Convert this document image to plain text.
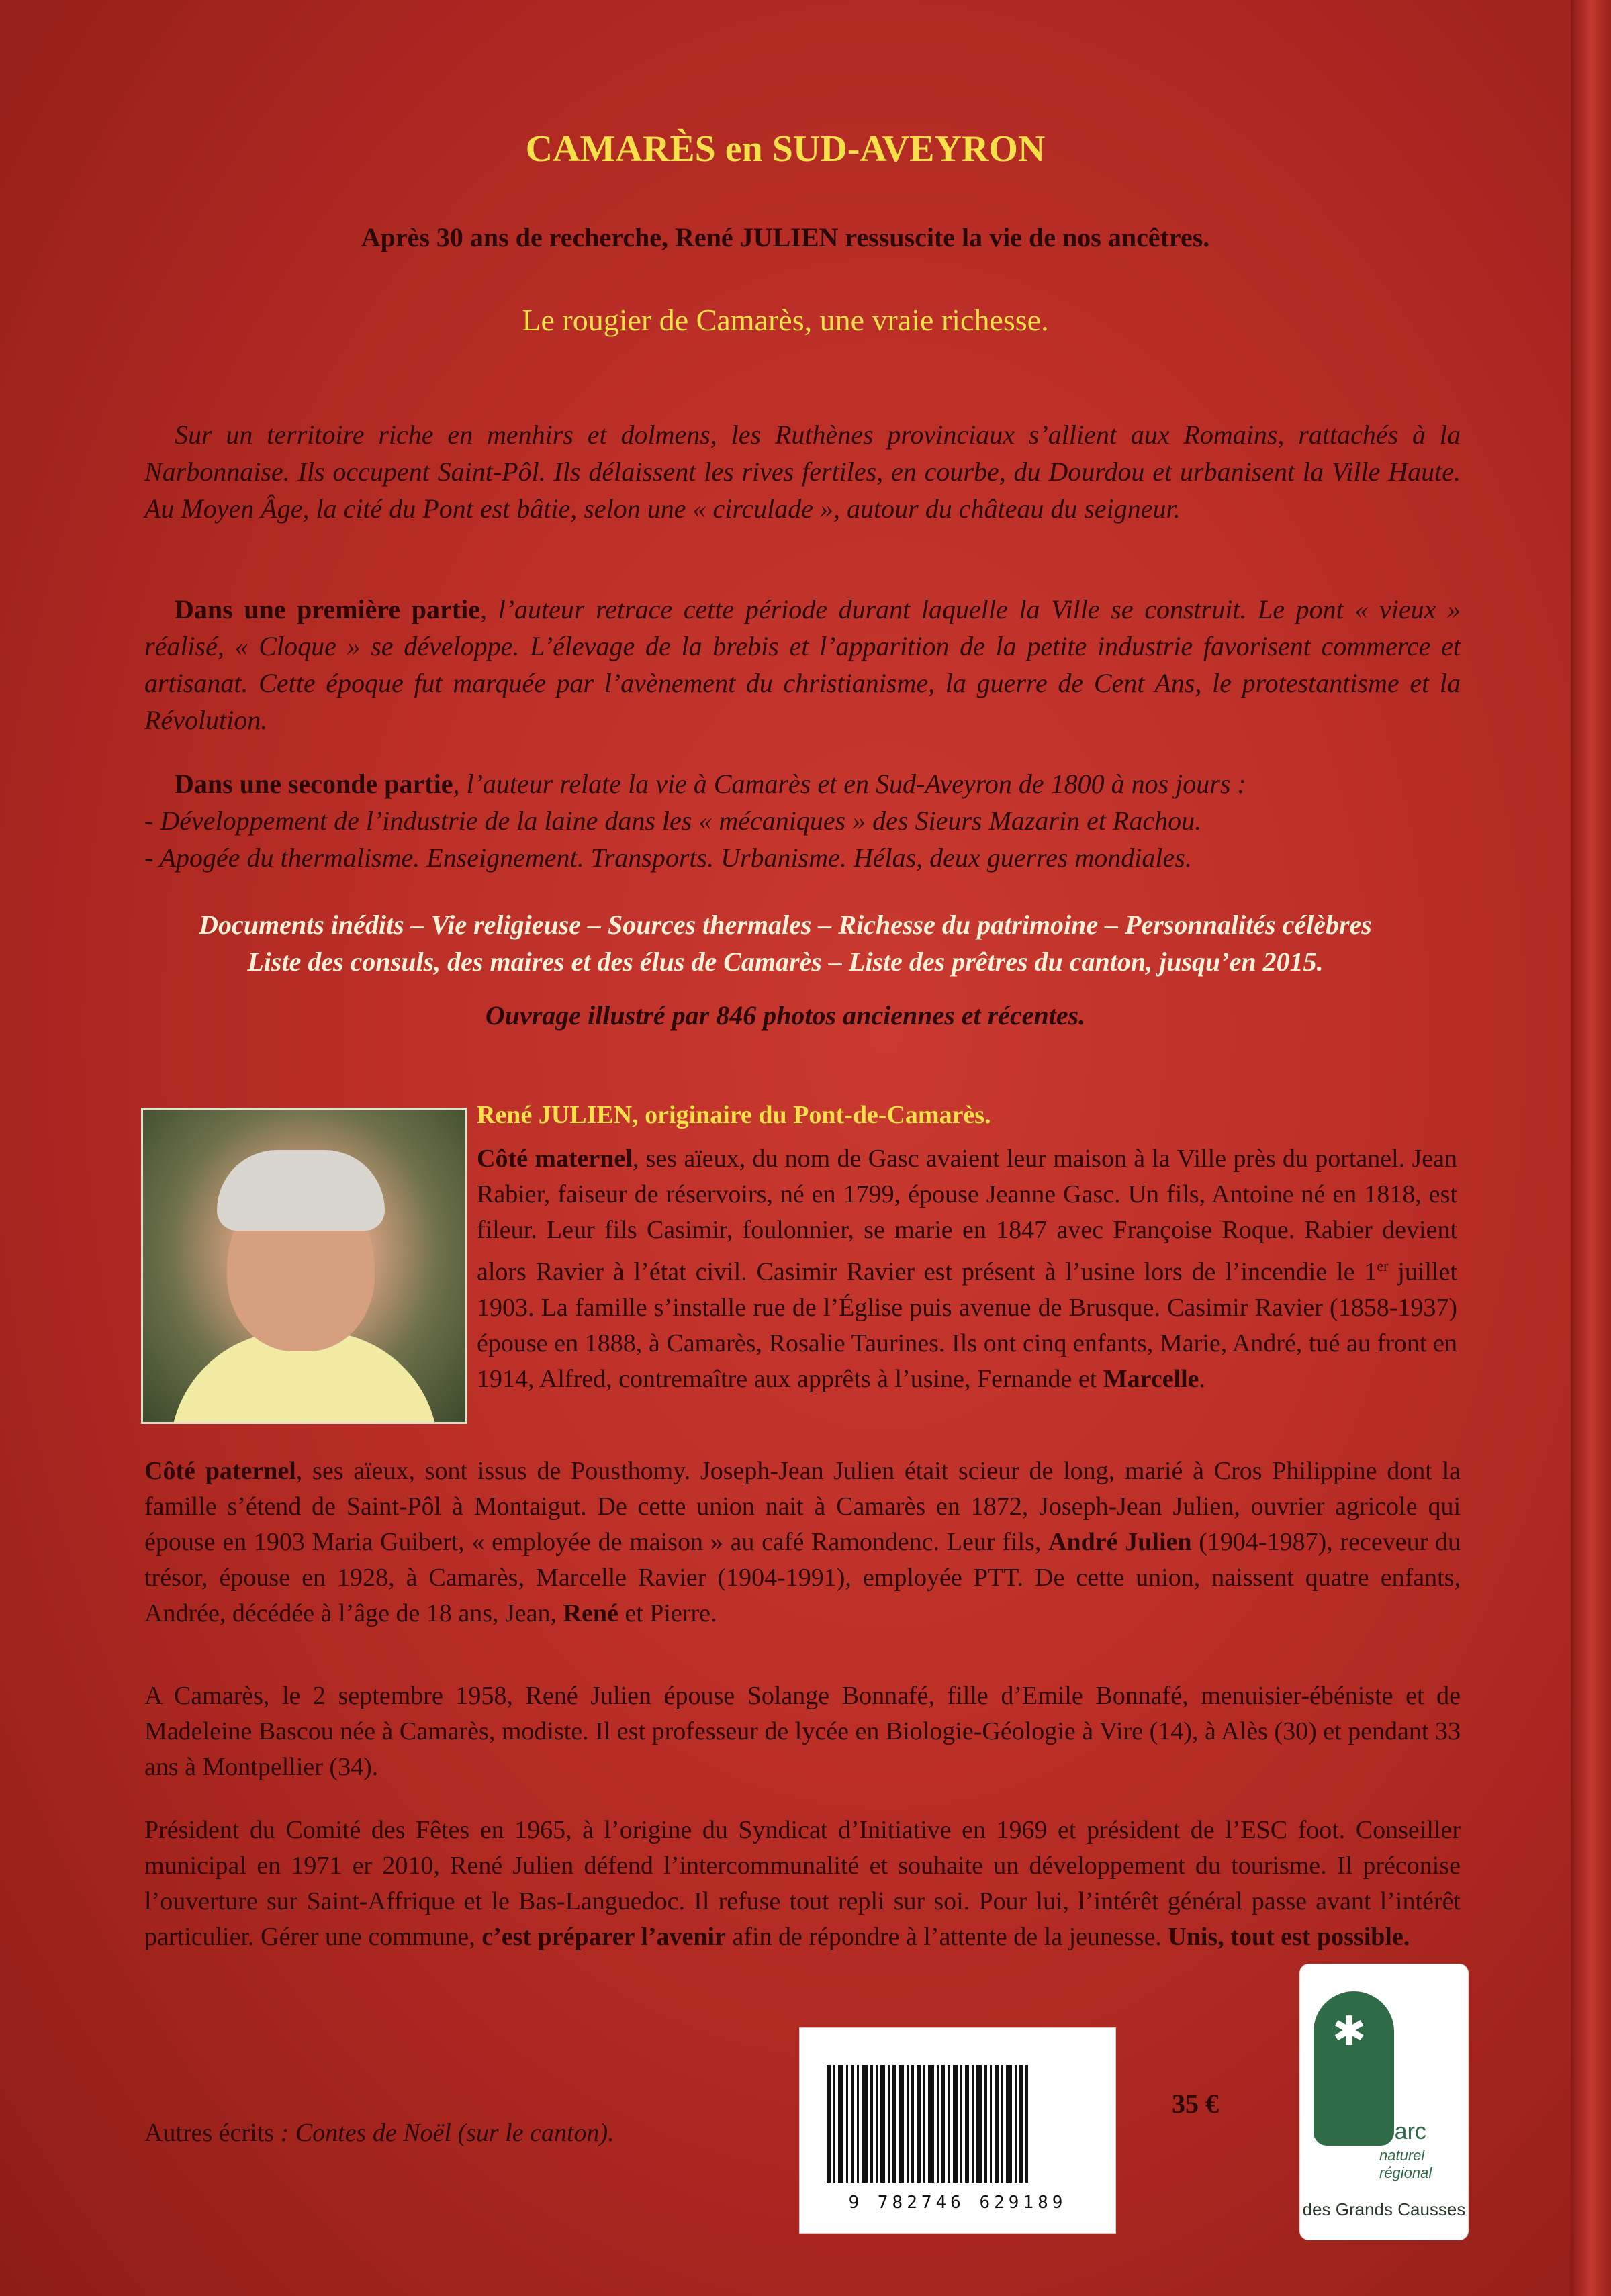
CAMARÈS en SUD-AVEYRON
Après 30 ans de recherche, René JULIEN ressuscite la vie de nos ancêtres.
Le rougier de Camarès, une vraie richesse.

Sur un territoire riche en menhirs et dolmens, les Ruthènes provinciaux s’allient aux Romains, rattachés à la Narbonnaise. Ils occupent Saint-Pôl. Ils délaissent les rives fertiles, en courbe, du Dourdou et urbanisent la Ville Haute. Au Moyen Âge, la cité du Pont est bâtie, selon une « circulade », autour du château du seigneur.

Dans une première partie, l’auteur retrace cette période durant laquelle la Ville se construit. Le pont « vieux » réalisé, « Cloque » se développe. L’élevage de la brebis et l’apparition de la petite industrie favorisent commerce et artisanat. Cette époque fut marquée par l’avènement du christianisme, la guerre de Cent Ans, le protestantisme et la Révolution.

Dans une seconde partie, l’auteur relate la vie à Camarès et en Sud-Aveyron de 1800 à nos jours :
- Développement de l’industrie de la laine dans les « mécaniques » des Sieurs Mazarin et Rachou.
- Apogée du thermalisme. Enseignement. Transports. Urbanisme. Hélas, deux guerres mondiales.
Documents inédits – Vie religieuse – Sources thermales – Richesse du patrimoine – Personnalités célèbres
Liste des consuls, des maires et des élus de Camarès – Liste des prêtres du canton, jusqu’en 2015.
Ouvrage illustré par 846 photos anciennes et récentes.

René JULIEN, originaire du Pont-de-Camarès.

Côté maternel, ses aïeux, du nom de Gasc avaient leur maison à la Ville près du portanel. Jean Rabier, faiseur de réservoirs, né en 1799, épouse Jeanne Gasc. Un fils, Antoine né en 1818, est fileur. Leur fils Casimir, foulonnier, se marie en 1847 avec Françoise Roque. Rabier devient alors Ravier à l’état civil. Casimir Ravier est présent à l’usine lors de l’incendie le 1er juillet 1903. La famille s’installe rue de l’Église puis avenue de Brusque. Casimir Ravier (1858-1937) épouse en 1888, à Camarès, Rosalie Taurines. Ils ont cinq enfants, Marie, André, tué au front en 1914, Alfred, contremaître aux apprêts à l’usine, Fernande et Marcelle.

Côté paternel, ses aïeux, sont issus de Pousthomy. Joseph-Jean Julien était scieur de long, marié à Cros Philippine dont la famille s’étend de Saint-Pôl à Montaigut. De cette union nait à Camarès en 1872, Joseph-Jean Julien, ouvrier agricole qui épouse en 1903 Maria Guibert, « employée de maison » au café Ramondenc. Leur fils, André Julien (1904-1987), receveur du trésor, épouse en 1928, à Camarès, Marcelle Ravier (1904-1991), employée PTT. De cette union, naissent quatre enfants, Andrée, décédée à l’âge de 18 ans, Jean, René et Pierre.

A Camarès, le 2 septembre 1958, René Julien épouse Solange Bonnafé, fille d’Emile Bonnafé, menuisier-ébéniste et de Madeleine Bascou née à Camarès, modiste. Il est professeur de lycée en Biologie-Géologie à Vire (14), à Alès (30) et pendant 33 ans à Montpellier (34).

Président du Comité des Fêtes en 1965, à l’origine du Syndicat d’Initiative en 1969 et président de l’ESC foot. Conseiller municipal en 1971 er 2010, René Julien défend l’intercommunalité et souhaite un développement du tourisme. Il préconise l’ouverture sur Saint-Affrique et le Bas-Languedoc. Il refuse tout repli sur soi. Pour lui, l’intérêt général passe avant l’intérêt particulier. Gérer une commune, c’est préparer l’avenir afin de répondre à l’attente de la jeunesse. Unis, tout est possible.

Autres écrits : Contes de Noël (sur le canton).
9 782746 629189
35 €
✱
Parc
naturel
régional
des Grands Causses
